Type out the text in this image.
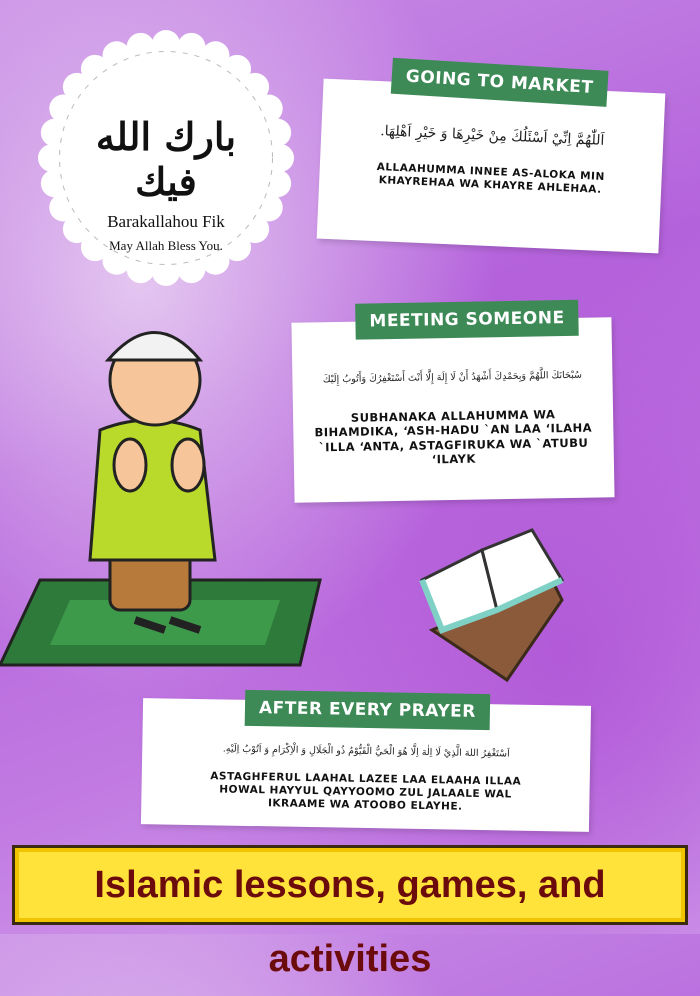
بارك الله فيك
Barakallahou Fik
May Allah Bless You.
GOING TO MARKET
اَللّٰهُمَّ اِنِّيْ اَسْئَلُكَ مِنْ خَيْرِهَا وَ خَيْرِ اَهْلِهَا.
ALLAAHUMMA INNEE AS-ALOKA MIN KHAYREHAA WA KHAYRE AHLEHAA.
MEETING SOMEONE
سُبْحَانَكَ اللَّهُمَّ وَبِحَمْدِكَ أَشْهَدُ أَنْ لَا إِلَهَ إِلَّا أَنْتَ أَسْتَغْفِرُكَ وَأَتُوبُ إِلَيْكَ
SUBHANAKA ALLAHUMMA WA BIHAMDIKA, ‘ASH-HADU `AN LAA ‘ILAHA `ILLA ‘ANTA, ASTAGFIRUKA WA `ATUBU ‘ILAYK
AFTER EVERY PRAYER
اَسْتَغْفِرُ اللهَ الَّذِيْ لَا اِلٰهَ اِلَّا هُوَ الْحَيُّ الْقَيُّوْمُ ذُو الْجَلَالِ وَ الْاِكْرَامِ وَ اَتُوْبُ اِلَيْهِ.
ASTAGHFERUL LAAHAL LAZEE LAA ELAAHA ILLAA HOWAL HAYYUL QAYYOOMO ZUL JALAALE WAL IKRAAME WA ATOOBO ELAYHE.
Islamic lessons, games, and activities
